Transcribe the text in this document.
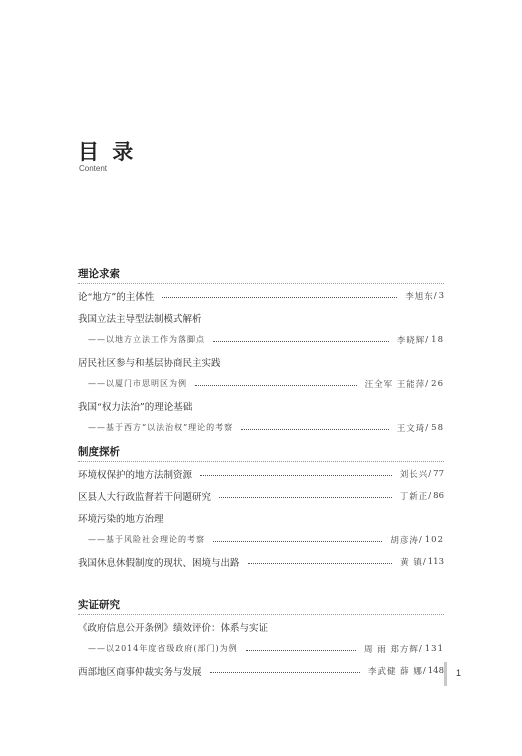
目 录
Content
理论求索
论“地方”的主体性	李旭东 / 3
我国立法主导型法制模式解析
——以地方立法工作为落脚点	李晓辉 / 18
居民社区参与和基层协商民主实践
——以厦门市思明区为例	汪全军 王能萍 / 26
我国“权力法治”的理论基础
——基于西方“以法治权”理论的考察	王文琦 / 58
制度探析
环境权保护的地方法制资源	刘长兴 / 77
区县人大行政监督若干问题研究	丁新正 / 86
环境污染的地方治理
——基于风险社会理论的考察	胡彦涛 / 102
我国休息休假制度的现状、困境与出路	黄 镇 / 113
实证研究
《政府信息公开条例》绩效评价：体系与实证
——以2014年度省级政府(部门)为例	周 雨 郑方辉 / 131
西部地区商事仲裁实务与发展	李武健 薛 娜 / 148 1
